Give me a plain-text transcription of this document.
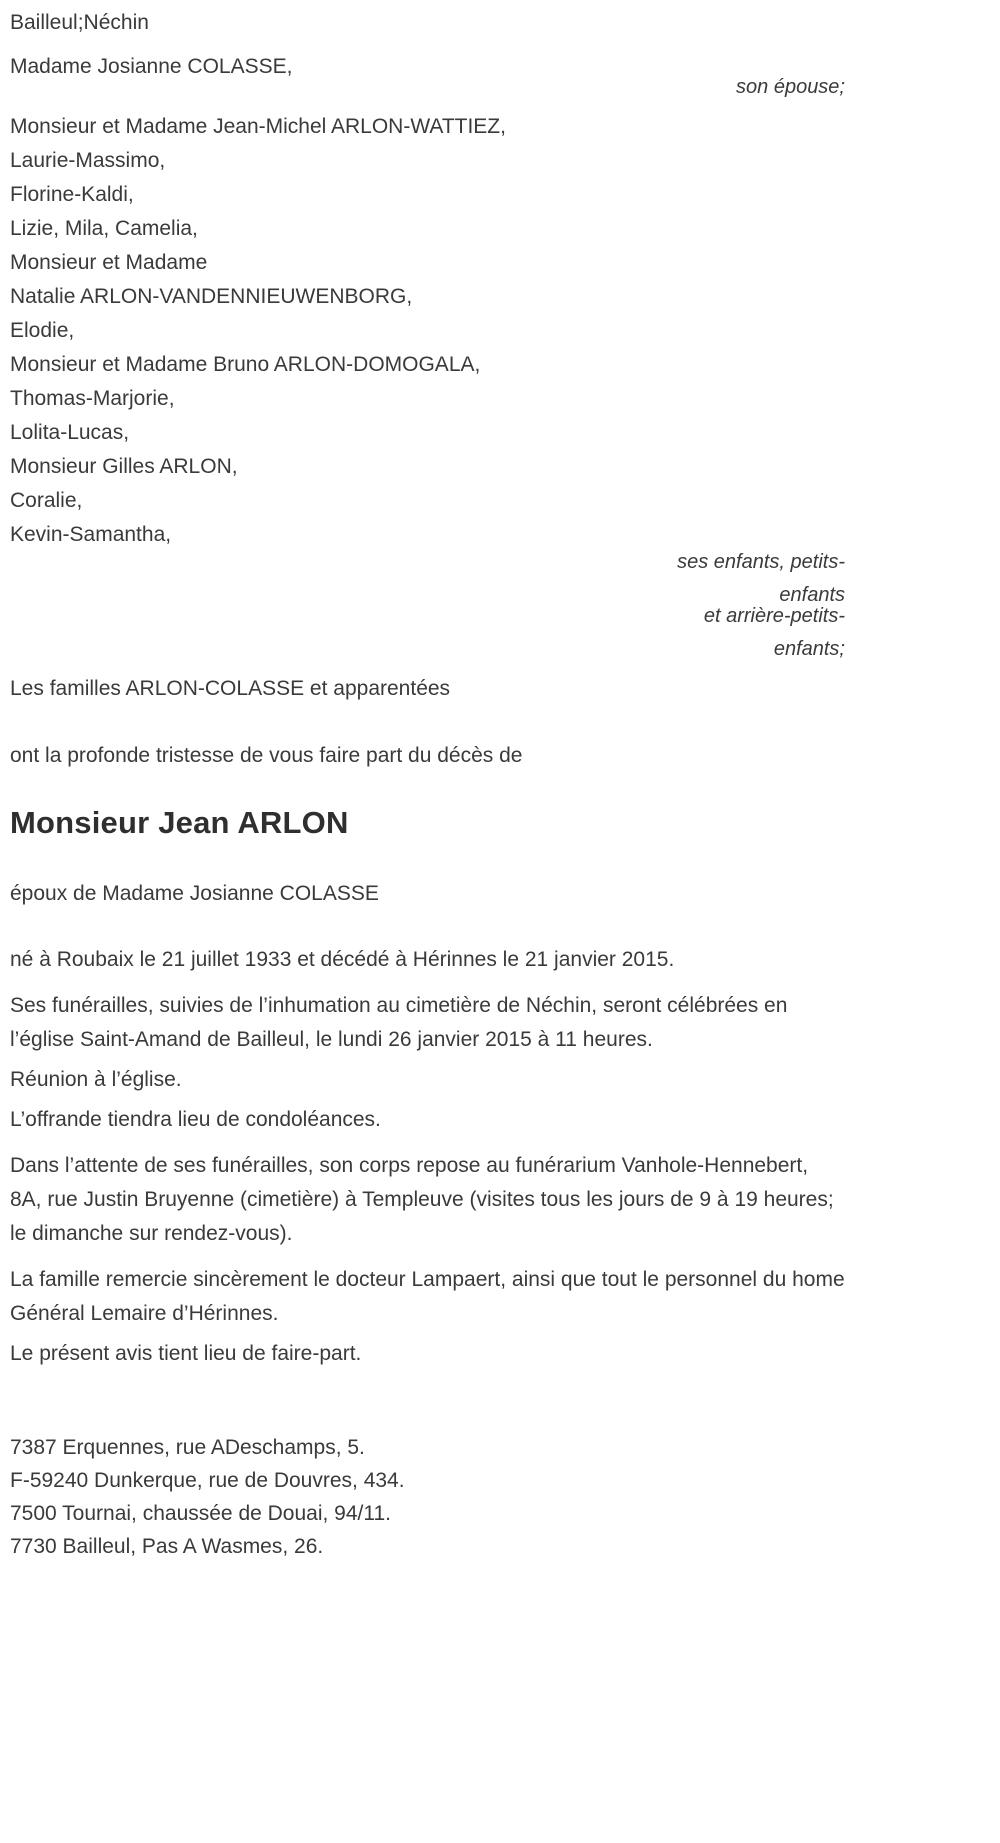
Bailleul;Néchin
Madame Josianne COLASSE,
son épouse;
Monsieur et Madame Jean-Michel ARLON-WATTIEZ,
Laurie-Massimo,
Florine-Kaldi,
Lizie, Mila, Camelia,
Monsieur et Madame
Natalie ARLON-VANDENNIEUWENBORG,
Elodie,
Monsieur et Madame Bruno ARLON-DOMOGALA,
Thomas-Marjorie,
Lolita-Lucas,
Monsieur Gilles ARLON,
Coralie,
Kevin-Samantha,
ses enfants, petits-enfants
et arrière-petits-enfants;
Les familles ARLON-COLASSE et apparentées
ont la profonde tristesse de vous faire part du décès de
Monsieur Jean ARLON
époux de Madame Josianne COLASSE
né à Roubaix le 21 juillet 1933 et décédé à Hérinnes le 21 janvier 2015.

Ses funérailles, suivies de l’inhumation au cimetière de Néchin, seront célébrées en l’église Saint-Amand de Bailleul, le lundi 26 janvier 2015 à 11 heures.

Réunion à l’église.

L’offrande tiendra lieu de condoléances.

Dans l’attente de ses funérailles, son corps repose au funérarium Vanhole-Hennebert, 8A, rue Justin Bruyenne (cimetière) à Templeuve (visites tous les jours de 9 à 19 heures; le dimanche sur rendez-vous).

La famille remercie sincèrement le docteur Lampaert, ainsi que tout le personnel du home Général Lemaire d’Hérinnes.

Le présent avis tient lieu de faire-part.

7387 Erquennes, rue ADeschamps, 5.
F-59240 Dunkerque, rue de Douvres, 434.
7500 Tournai, chaussée de Douai, 94/11.
7730 Bailleul, Pas A Wasmes, 26.
